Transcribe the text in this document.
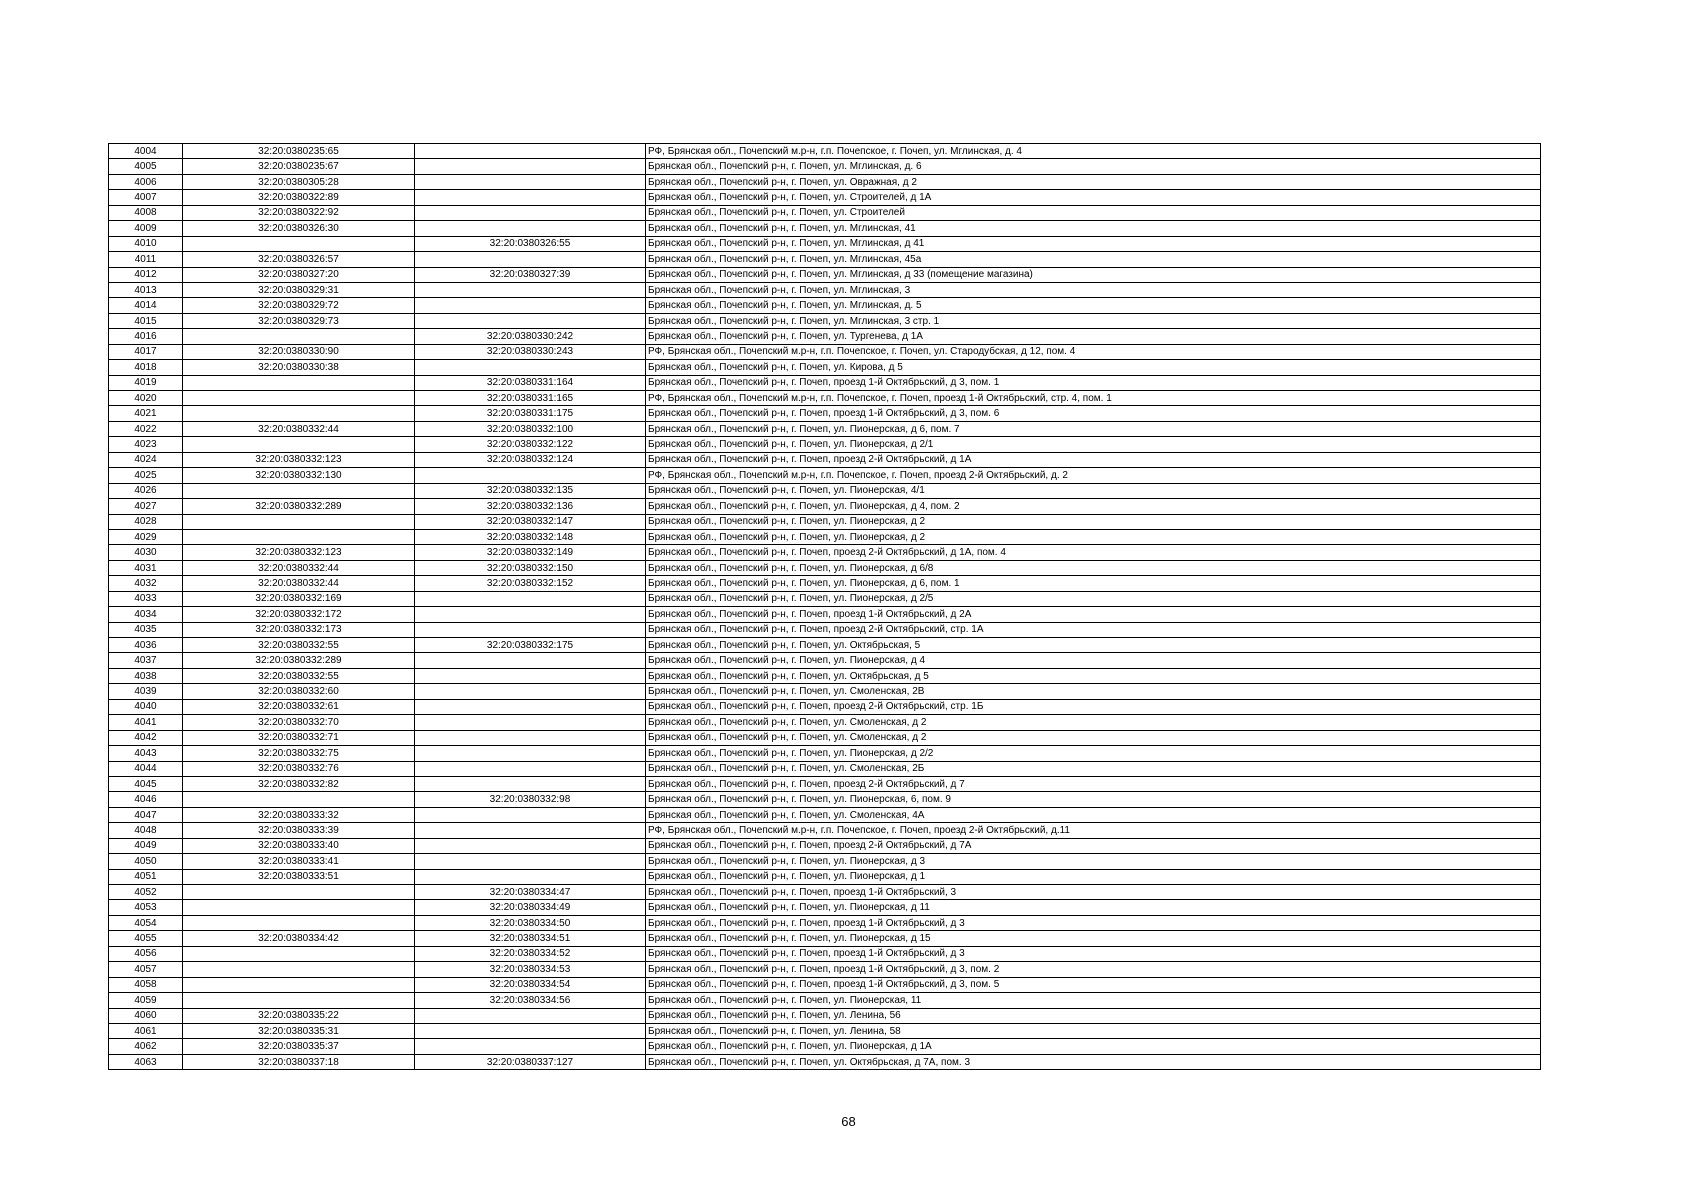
4004	32:20:0380235:65		РФ, Брянская обл., Почепский м.р-н, г.п. Почепское, г. Почеп, ул. Мглинская, д. 4
4005	32:20:0380235:67		Брянская обл., Почепский р-н, г. Почеп, ул. Мглинская, д. 6
4006	32:20:0380305:28		Брянская обл., Почепский р-н, г. Почеп, ул. Овражная, д 2
4007	32:20:0380322:89		Брянская обл., Почепский р-н, г. Почеп, ул. Строителей, д 1А
4008	32:20:0380322:92		Брянская обл., Почепский р-н, г. Почеп, ул. Строителей
4009	32:20:0380326:30		Брянская обл., Почепский р-н, г. Почеп, ул. Мглинская, 41
4010		32:20:0380326:55	Брянская обл., Почепский р-н, г. Почеп, ул. Мглинская, д 41
4011	32:20:0380326:57		Брянская обл., Почепский р-н, г. Почеп, ул. Мглинская, 45а
4012	32:20:0380327:20	32:20:0380327:39	Брянская обл., Почепский р-н, г. Почеп, ул. Мглинская, д 33 (помещение магазина)
4013	32:20:0380329:31		Брянская обл., Почепский р-н, г. Почеп, ул. Мглинская, 3
4014	32:20:0380329:72		Брянская обл., Почепский р-н, г. Почеп, ул. Мглинская, д. 5
4015	32:20:0380329:73		Брянская обл., Почепский р-н, г. Почеп, ул. Мглинская, 3 стр. 1
4016		32:20:0380330:242	Брянская обл., Почепский р-н, г. Почеп, ул. Тургенева, д 1А
4017	32:20:0380330:90	32:20:0380330:243	РФ, Брянская обл., Почепский м.р-н, г.п. Почепское, г. Почеп, ул. Стародубская, д 12, пом. 4
4018	32:20:0380330:38		Брянская обл., Почепский р-н, г. Почеп, ул. Кирова, д 5
4019		32:20:0380331:164	Брянская обл., Почепский р-н, г. Почеп, проезд 1-й Октябрьский, д 3, пом. 1
4020		32:20:0380331:165	РФ, Брянская обл., Почепский м.р-н, г.п. Почепское, г. Почеп, проезд 1-й Октябрьский, стр. 4, пом. 1
4021		32:20:0380331:175	Брянская обл., Почепский р-н, г. Почеп, проезд 1-й Октябрьский, д 3, пом. 6
4022	32:20:0380332:44	32:20:0380332:100	Брянская обл., Почепский р-н, г. Почеп, ул. Пионерская, д 6, пом. 7
4023		32:20:0380332:122	Брянская обл., Почепский р-н, г. Почеп, ул. Пионерская, д 2/1
4024	32:20:0380332:123	32:20:0380332:124	Брянская обл., Почепский р-н, г. Почеп, проезд 2-й Октябрьский, д 1А
4025	32:20:0380332:130		РФ, Брянская обл., Почепский м.р-н, г.п. Почепское, г. Почеп, проезд 2-й Октябрьский, д. 2
4026		32:20:0380332:135	Брянская обл., Почепский р-н, г. Почеп, ул. Пионерская, 4/1
4027	32:20:0380332:289	32:20:0380332:136	Брянская обл., Почепский р-н, г. Почеп, ул. Пионерская, д 4, пом. 2
4028		32:20:0380332:147	Брянская обл., Почепский р-н, г. Почеп, ул. Пионерская, д 2
4029		32:20:0380332:148	Брянская обл., Почепский р-н, г. Почеп, ул. Пионерская, д 2
4030	32:20:0380332:123	32:20:0380332:149	Брянская обл., Почепский р-н, г. Почеп, проезд 2-й Октябрьский, д 1А, пом. 4
4031	32:20:0380332:44	32:20:0380332:150	Брянская обл., Почепский р-н, г. Почеп, ул. Пионерская, д 6/8
4032	32:20:0380332:44	32:20:0380332:152	Брянская обл., Почепский р-н, г. Почеп, ул. Пионерская, д 6, пом. 1
4033	32:20:0380332:169		Брянская обл., Почепский р-н, г. Почеп, ул. Пионерская, д 2/5
4034	32:20:0380332:172		Брянская обл., Почепский р-н, г. Почеп, проезд 1-й Октябрьский, д 2А
4035	32:20:0380332:173		Брянская обл., Почепский р-н, г. Почеп, проезд 2-й Октябрьский, стр. 1А
4036	32:20:0380332:55	32:20:0380332:175	Брянская обл., Почепский р-н, г. Почеп, ул. Октябрьская, 5
4037	32:20:0380332:289		Брянская обл., Почепский р-н, г. Почеп, ул. Пионерская, д 4
4038	32:20:0380332:55		Брянская обл., Почепский р-н, г. Почеп, ул. Октябрьская, д 5
4039	32:20:0380332:60		Брянская обл., Почепский р-н, г. Почеп, ул. Смоленская, 2В
4040	32:20:0380332:61		Брянская обл., Почепский р-н, г. Почеп, проезд 2-й Октябрьский, стр. 1Б
4041	32:20:0380332:70		Брянская обл., Почепский р-н, г. Почеп, ул. Смоленская, д 2
4042	32:20:0380332:71		Брянская обл., Почепский р-н, г. Почеп, ул. Смоленская, д 2
4043	32:20:0380332:75		Брянская обл., Почепский р-н, г. Почеп, ул. Пионерская, д 2/2
4044	32:20:0380332:76		Брянская обл., Почепский р-н, г. Почеп, ул. Смоленская, 2Б
4045	32:20:0380332:82		Брянская обл., Почепский р-н, г. Почеп, проезд 2-й Октябрьский, д 7
4046		32:20:0380332:98	Брянская обл., Почепский р-н, г. Почеп, ул. Пионерская, 6, пом. 9
4047	32:20:0380333:32		Брянская обл., Почепский р-н, г. Почеп, ул. Смоленская, 4А
4048	32:20:0380333:39		РФ, Брянская обл., Почепский м.р-н, г.п. Почепское, г. Почеп, проезд 2-й Октябрьский, д.11
4049	32:20:0380333:40		Брянская обл., Почепский р-н, г. Почеп, проезд 2-й Октябрьский, д 7А
4050	32:20:0380333:41		Брянская обл., Почепский р-н, г. Почеп, ул. Пионерская, д 3
4051	32:20:0380333:51		Брянская обл., Почепский р-н, г. Почеп, ул. Пионерская, д 1
4052		32:20:0380334:47	Брянская обл., Почепский р-н, г. Почеп, проезд 1-й Октябрьский, 3
4053		32:20:0380334:49	Брянская обл., Почепский р-н, г. Почеп, ул. Пионерская, д 11
4054		32:20:0380334:50	Брянская обл., Почепский р-н, г. Почеп, проезд 1-й Октябрьский, д 3
4055	32:20:0380334:42	32:20:0380334:51	Брянская обл., Почепский р-н, г. Почеп, ул. Пионерская, д 15
4056		32:20:0380334:52	Брянская обл., Почепский р-н, г. Почеп, проезд 1-й Октябрьский, д 3
4057		32:20:0380334:53	Брянская обл., Почепский р-н, г. Почеп, проезд 1-й Октябрьский, д 3, пом. 2
4058		32:20:0380334:54	Брянская обл., Почепский р-н, г. Почеп, проезд 1-й Октябрьский, д 3, пом. 5
4059		32:20:0380334:56	Брянская обл., Почепский р-н, г. Почеп, ул. Пионерская, 11
4060	32:20:0380335:22		Брянская обл., Почепский р-н, г. Почеп, ул. Ленина, 56
4061	32:20:0380335:31		Брянская обл., Почепский р-н, г. Почеп, ул. Ленина, 58
4062	32:20:0380335:37		Брянская обл., Почепский р-н, г. Почеп, ул. Пионерская, д 1А
4063	32:20:0380337:18	32:20:0380337:127	Брянская обл., Почепский р-н, г. Почеп, ул. Октябрьская, д 7А, пом. 3
68
